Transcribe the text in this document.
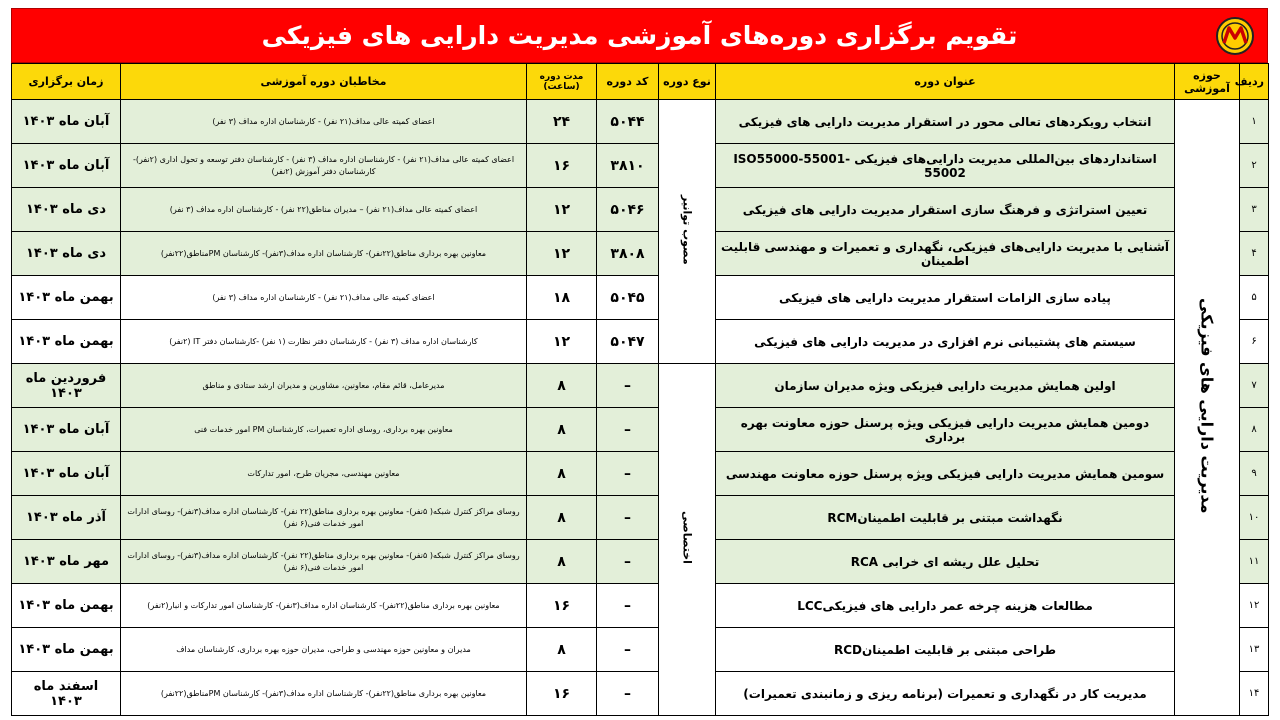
تقویم برگزاری دوره‌های آموزشی مدیریت دارایی های فیزیکی
ردیف	حوزه آموزشی	عنوان دوره	نوع دوره	کد دوره	مدت دوره (ساعت)	مخاطبان دوره آموزشی	زمان برگزاری
۱	مدیریت دارایی های فیزیکی	انتخاب رویکردهای تعالی محور در استقرار مدیریت دارایی های فیزیکی	مصوب توانیر	۵۰۴۴	۲۴	اعضای کمیته عالی مداف(۲۱ نفر) - کارشناسان اداره مداف (۳ نفر)	آبان ماه ۱۴۰۳
۲		استانداردهای بین‌المللی مدیریت دارایی‌های فیزیکی ISO55000-55001-55002		۳۸۱۰	۱۶	اعضای کمیته عالی مداف(۲۱ نفر) - کارشناسان اداره مداف (۳ نفر) - کارشناسان دفتر توسعه و تحول اداری (۲نفر)- کارشناسان دفتر آموزش (۲نفر)	آبان ماه ۱۴۰۳
۳		تعیین استراتژی و فرهنگ سازی استقرار مدیریت دارایی های فیزیکی		۵۰۴۶	۱۲	اعضای کمیته عالی مداف(۲۱ نفر) – مدیران مناطق(۲۲ نفر) - کارشناسان اداره مداف (۳ نفر)	دی ماه ۱۴۰۳
۴		آشنایی با مدیریت دارایی‌های فیزیکی، نگهداری و تعمیرات و مهندسی قابلیت اطمینان		۳۸۰۸	۱۲	معاونین بهره برداری مناطق(۲۲نفر)- کارشناسان اداره مداف(۳نفر)- کارشناسان PMمناطق(۲۲نفر)	دی ماه ۱۴۰۳
۵		پیاده سازی الزامات استقرار مدیریت دارایی های فیزیکی		۵۰۴۵	۱۸	اعضای کمیته عالی مداف(۲۱ نفر) - کارشناسان اداره مداف (۳ نفر)	بهمن ماه ۱۴۰۳
۶		سیستم های پشتیبانی نرم افزاری در مدیریت دارایی های فیزیکی		۵۰۴۷	۱۲	کارشناسان اداره مداف (۳ نفر) - کارشناسان دفتر نظارت (۱ نفر) -کارشناسان دفتر IT (۲نفر)	بهمن ماه ۱۴۰۳
۷		اولین همایش مدیریت دارایی فیزیکی ویژه مدیران سازمان	اختصاصی	–	۸	مدیرعامل، قائم مقام، معاونین، مشاورین و مدیران ارشد ستادی و مناطق	فروردین ماه ۱۴۰۳
۸		دومین همایش مدیریت دارایی فیزیکی ویژه پرسنل حوزه معاونت بهره برداری		–	۸	معاونین بهره برداری، روسای اداره تعمیرات، کارشناسان PM امور خدمات فنی	آبان ماه ۱۴۰۳
۹		سومین همایش مدیریت دارایی فیزیکی ویژه پرسنل حوزه معاونت مهندسی		–	۸	معاونین مهندسی، مجریان طرح، امور تدارکات	آبان ماه ۱۴۰۳
۱۰		نگهداشت مبتنی بر قابلیت اطمینانRCM		–	۸	روسای مراکز کنترل شبکه( ۵نفر)- معاونین بهره برداری مناطق(۲۲ نفر)- کارشناسان اداره مداف(۳نفر)- روسای ادارات امور خدمات فنی(۶ نفر)	آذر ماه ۱۴۰۳
۱۱		تحلیل علل ریشه ای خرابی RCA		–	۸	روسای مراکز کنترل شبکه( ۵نفر)- معاونین بهره برداری مناطق(۲۲ نفر)- کارشناسان اداره مداف(۳نفر)- روسای ادارات امور خدمات فنی(۶ نفر)	مهر ماه ۱۴۰۳
۱۲		مطالعات هزینه چرخه عمر دارایی های فیزیکیLCC		–	۱۶	معاونین بهره برداری مناطق(۲۲نفر)- کارشناسان اداره مداف(۳نفر)- کارشناسان امور تدارکات و انبار(۲نفر)	بهمن ماه ۱۴۰۳
۱۳		طراحی مبتنی بر قابلیت اطمینانRCD		–	۸	مدیران و معاونین حوزه مهندسی و طراحی، مدیران حوزه بهره برداری، کارشناسان مداف	بهمن ماه ۱۴۰۳
۱۴		مدیریت کار در نگهداری و تعمیرات (برنامه ریزی و زمانبندی تعمیرات)		–	۱۶	معاونین بهره برداری مناطق(۲۲نفر)- کارشناسان اداره مداف(۳نفر)- کارشناسان PMمناطق(۲۲نفر)	اسفند ماه ۱۴۰۳
